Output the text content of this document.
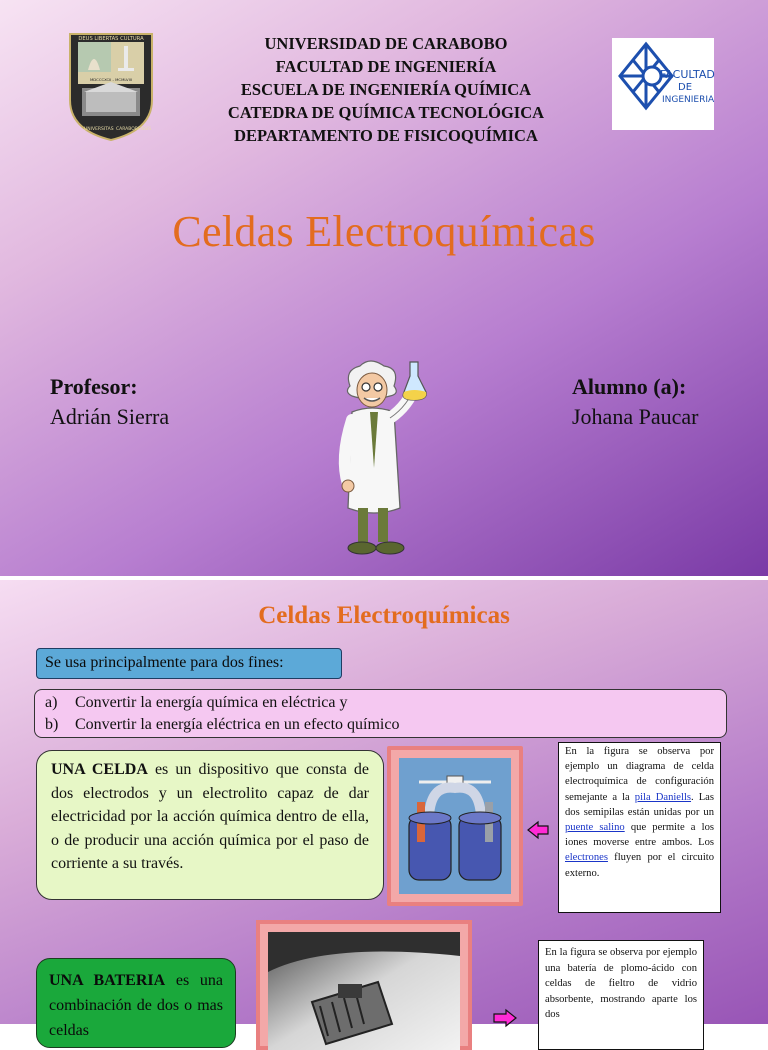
DEUS LIBERTAS CULTURA
MDCCCXCII - MCMLVIII
UNIVERSITAS CARABOBENSIS
UNIVERSIDAD DE CARABOBO
FACULTAD DE INGENIERÍA
ESCUELA DE INGENIERÍA QUÍMICA
CATEDRA DE QUÍMICA TECNOLÓGICA
DEPARTAMENTO DE FISICOQUÍMICA
FACULTAD
DE
INGENIERIA
Celdas Electroquímicas
Profesor:
Adrián Sierra
Alumno (a):
Johana Paucar
Celdas Electroquímicas
Se usa principalmente para dos fines:
a) Convertir la energía química en eléctrica y
b) Convertir la energía eléctrica en un efecto químico
UNA CELDA es un dispositivo que consta de dos electrodos y un electrolito capaz de dar electricidad por la acción química dentro de ella, o de producir una acción química por el paso de corriente a su través.
En la figura se observa por ejemplo un diagrama de celda electroquímica de configuración semejante a la pila Daniells. Las dos semipilas están unidas por un puente salino que permite a los iones moverse entre ambos. Los electrones fluyen por el circuito externo.
UNA BATERIA es una combinación de dos o mas celdas
En la figura se observa por ejemplo una batería de plomo-ácido con celdas de fieltro de vidrio absorbente, mostrando aparte los dos
